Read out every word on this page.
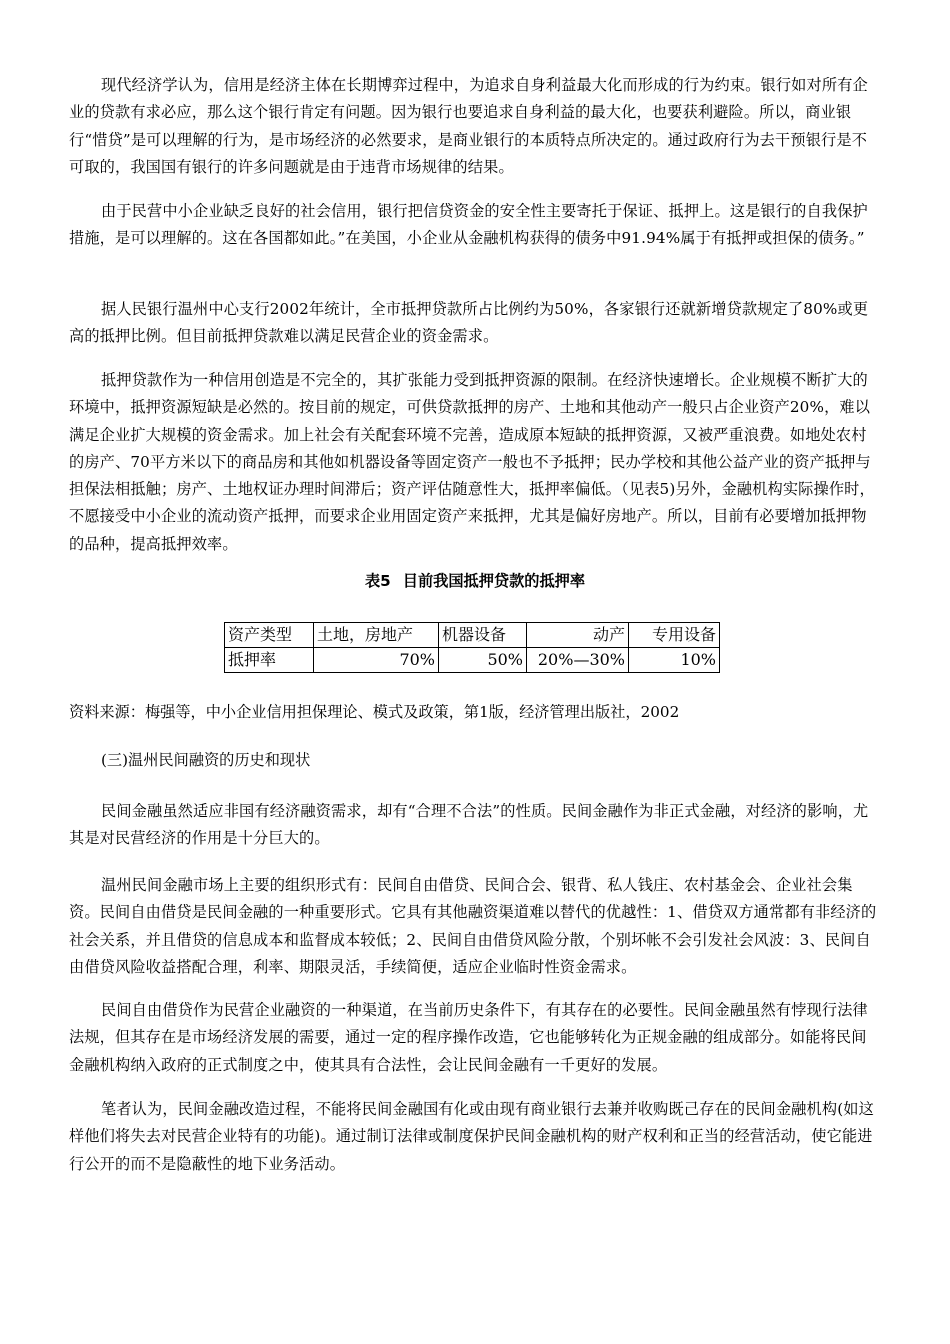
现代经济学认为，信用是经济主体在长期博弈过程中，为追求自身利益最大化而形成的行为约束。银行如对所有企业的贷款有求必应，那么这个银行肯定有问题。因为银行也要追求自身利益的最大化，也要获利避险。所以，商业银行“惜贷”是可以理解的行为，是市场经济的必然要求，是商业银行的本质特点所决定的。通过政府行为去干预银行是不可取的，我国国有银行的许多问题就是由于违背市场规律的结果。

由于民营中小企业缺乏良好的社会信用，银行把信贷资金的安全性主要寄托于保证、抵押上。这是银行的自我保护措施，是可以理解的。这在各国都如此。”在美国，小企业从金融机构获得的债务中91.94%属于有抵押或担保的债务。”

据人民银行温州中心支行2002年统计，全市抵押贷款所占比例约为50%，各家银行还就新增贷款规定了80%或更高的抵押比例。但目前抵押贷款难以满足民营企业的资金需求。

抵押贷款作为一种信用创造是不完全的，其扩张能力受到抵押资源的限制。在经济快速增长。企业规模不断扩大的环境中，抵押资源短缺是必然的。按目前的规定，可供贷款抵押的房产、土地和其他动产一般只占企业资产20%，难以满足企业扩大规模的资金需求。加上社会有关配套环境不完善，造成原本短缺的抵押资源，又被严重浪费。如地处农村的房产、70平方米以下的商品房和其他如机器设备等固定资产一般也不予抵押；民办学校和其他公益产业的资产抵押与担保法相抵触；房产、土地权证办理时间滞后；资产评估随意性大，抵押率偏低。（见表5)另外，金融机构实际操作时，不愿接受中小企业的流动资产抵押，而要求企业用固定资产来抵押，尤其是偏好房地产。所以，目前有必要增加抵押物的品种，提高抵押效率。

表5 目前我国抵押贷款的抵押率

资产类型	土地，房地产	机器设备	动产	专用设备
抵押率	70%	50%	20%—30%	10%

资料来源：梅强等，中小企业信用担保理论、模式及政策，第1版，经济管理出版社，2002

(三)温州民间融资的历史和现状

民间金融虽然适应非国有经济融资需求，却有“合理不合法”的性质。民间金融作为非正式金融，对经济的影响，尤其是对民营经济的作用是十分巨大的。

温州民间金融市场上主要的组织形式有：民间自由借贷、民间合会、银背、私人钱庄、农村基金会、企业社会集资。民间自由借贷是民间金融的一种重要形式。它具有其他融资渠道难以替代的优越性：1、借贷双方通常都有非经济的社会关系，并且借贷的信息成本和监督成本较低；2、民间自由借贷风险分散，个别坏帐不会引发社会风波：3、民间自由借贷风险收益搭配合理，利率、期限灵活，手续简便，适应企业临时性资金需求。

民间自由借贷作为民营企业融资的一种渠道，在当前历史条件下，有其存在的必要性。民间金融虽然有悖现行法律法规，但其存在是市场经济发展的需要，通过一定的程序操作改造，它也能够转化为正规金融的组成部分。如能将民间金融机构纳入政府的正式制度之中，使其具有合法性，会让民间金融有一千更好的发展。

笔者认为，民间金融改造过程，不能将民间金融国有化或由现有商业银行去兼并收购既己存在的民间金融机构(如这样他们将失去对民营企业特有的功能)。通过制订法律或制度保护民间金融机构的财产权利和正当的经营活动，使它能进行公开的而不是隐蔽性的地下业务活动。
